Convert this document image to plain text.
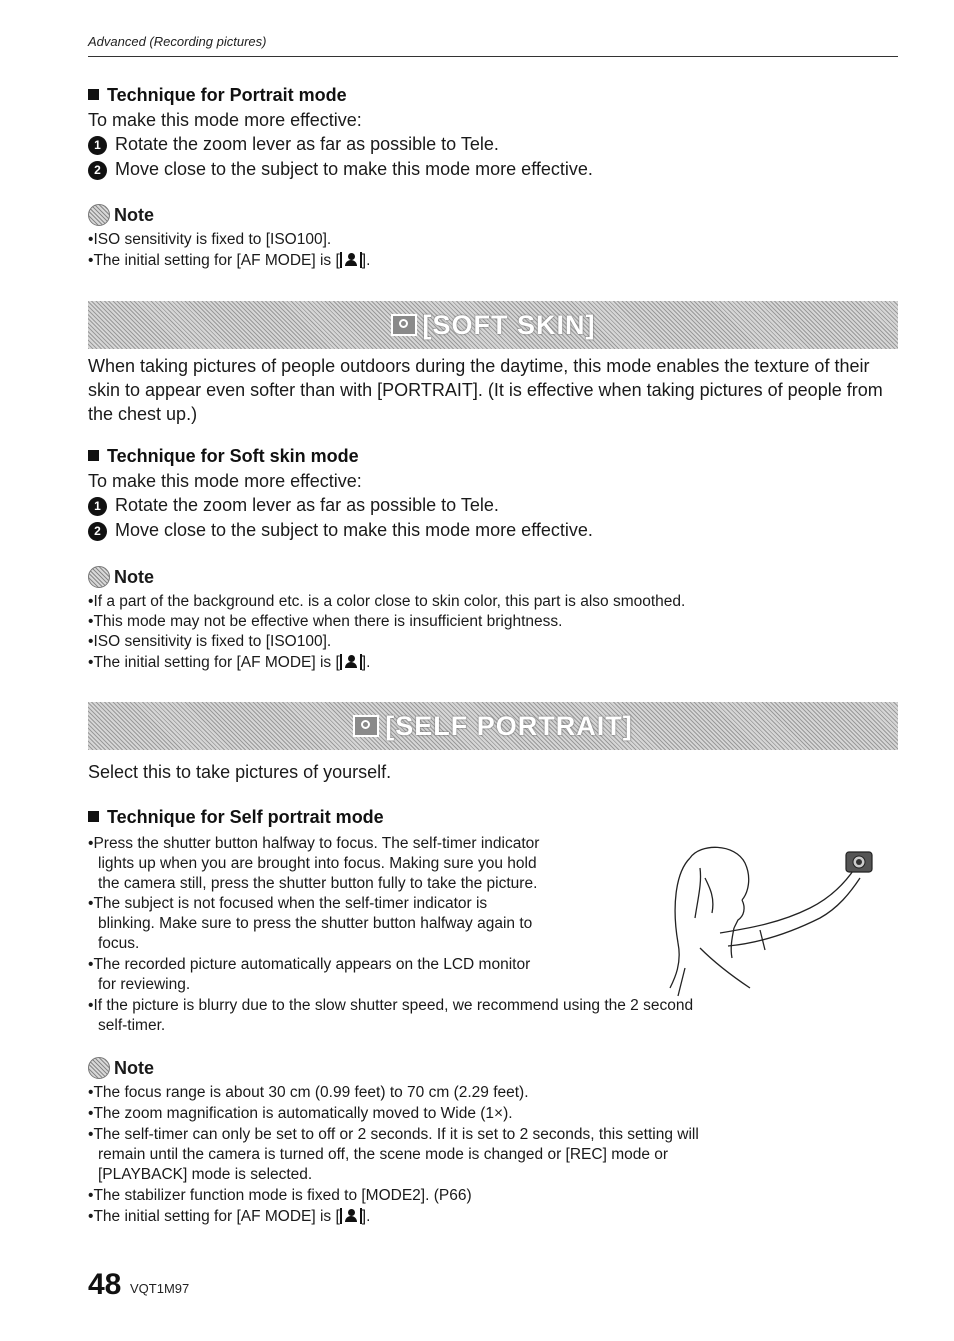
Advanced (Recording pictures)
Technique for Portrait mode
To make this mode more effective:
1 Rotate the zoom lever as far as possible to Tele.
2 Move close to the subject to make this mode more effective.
Note
•ISO sensitivity is fixed to [ISO100].
•The initial setting for [AF MODE] is [ ].
[SOFT SKIN]
When taking pictures of people outdoors during the daytime, this mode enables the texture of their skin to appear even softer than with [PORTRAIT]. (It is effective when taking pictures of people from the chest up.)
Technique for Soft skin mode
To make this mode more effective:
1 Rotate the zoom lever as far as possible to Tele.
2 Move close to the subject to make this mode more effective.
Note
•If a part of the background etc. is a color close to skin color, this part is also smoothed.
•This mode may not be effective when there is insufficient brightness.
•ISO sensitivity is fixed to [ISO100].
•The initial setting for [AF MODE] is [ ].
[SELF PORTRAIT]
Select this to take pictures of yourself.
Technique for Self portrait mode
•Press the shutter button halfway to focus. The self-timer indicator
lights up when you are brought into focus. Making sure you hold
the camera still, press the shutter button fully to take the picture.
•The subject is not focused when the self-timer indicator is
blinking. Make sure to press the shutter button halfway again to
focus.
•The recorded picture automatically appears on the LCD monitor
for reviewing.
•If the picture is blurry due to the slow shutter speed, we recommend using the 2 second
self-timer.
Note
•The focus range is about 30 cm (0.99 feet) to 70 cm (2.29 feet).
•The zoom magnification is automatically moved to Wide (1×).
•The self-timer can only be set to off or 2 seconds. If it is set to 2 seconds, this setting will
remain until the camera is turned off, the scene mode is changed or [REC] mode or
[PLAYBACK] mode is selected.
•The stabilizer function mode is fixed to [MODE2]. (P66)
•The initial setting for [AF MODE] is [ ].
48 VQT1M97
